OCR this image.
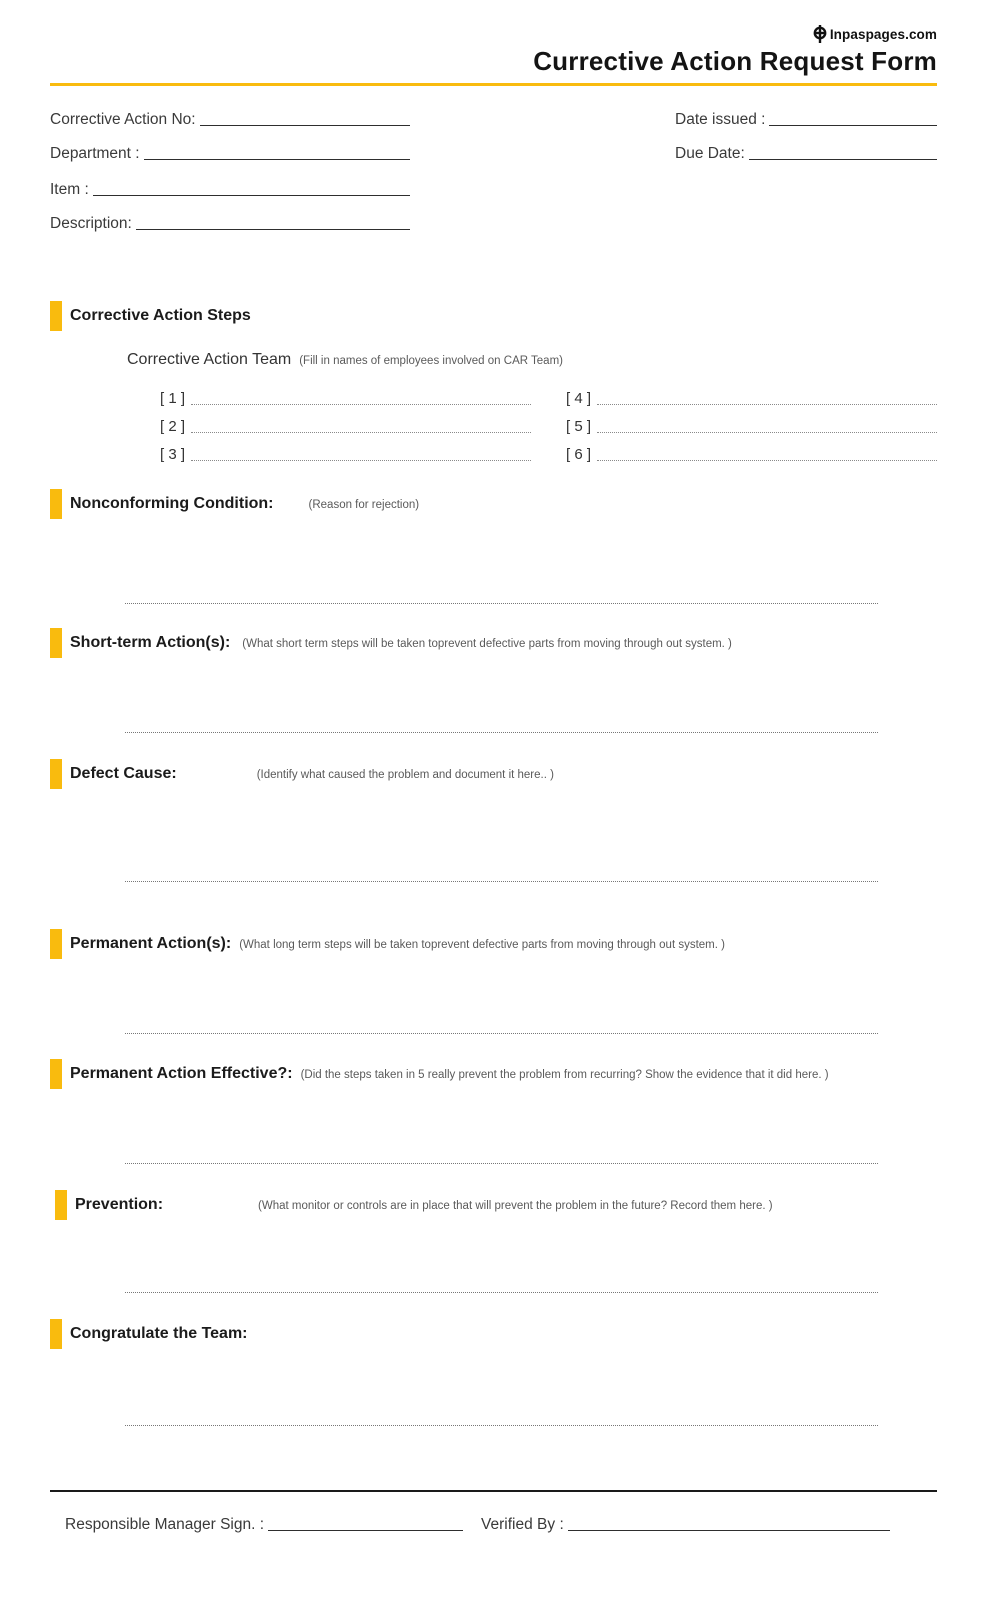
Inpaspages.com
Currective Action Request Form
Corrective Action No:
Department :
Item :
Description:
Date issued :
Due Date:
Corrective Action Steps
Corrective Action Team (Fill in names of employees involved on CAR Team)
[ 1 ]
[ 2 ]
[ 3 ]
[ 4 ]
[ 5 ]
[ 6 ]
Nonconforming Condition:	(Reason for rejection)
Short-term Action(s): (What short term steps will be taken toprevent defective parts from moving through out system. )
Defect Cause:	(Identify what caused the problem and document it here.. )
Permanent Action(s): (What long term steps will be taken toprevent defective parts from moving through out system. )
Permanent Action Effective?: (Did the steps taken in 5 really prevent the problem from recurring? Show the evidence that it did here. )
Prevention:	(What monitor or controls are in place that will prevent the problem in the future? Record them here. )
Congratulate the Team:
Responsible Manager Sign. :	Verified By :
